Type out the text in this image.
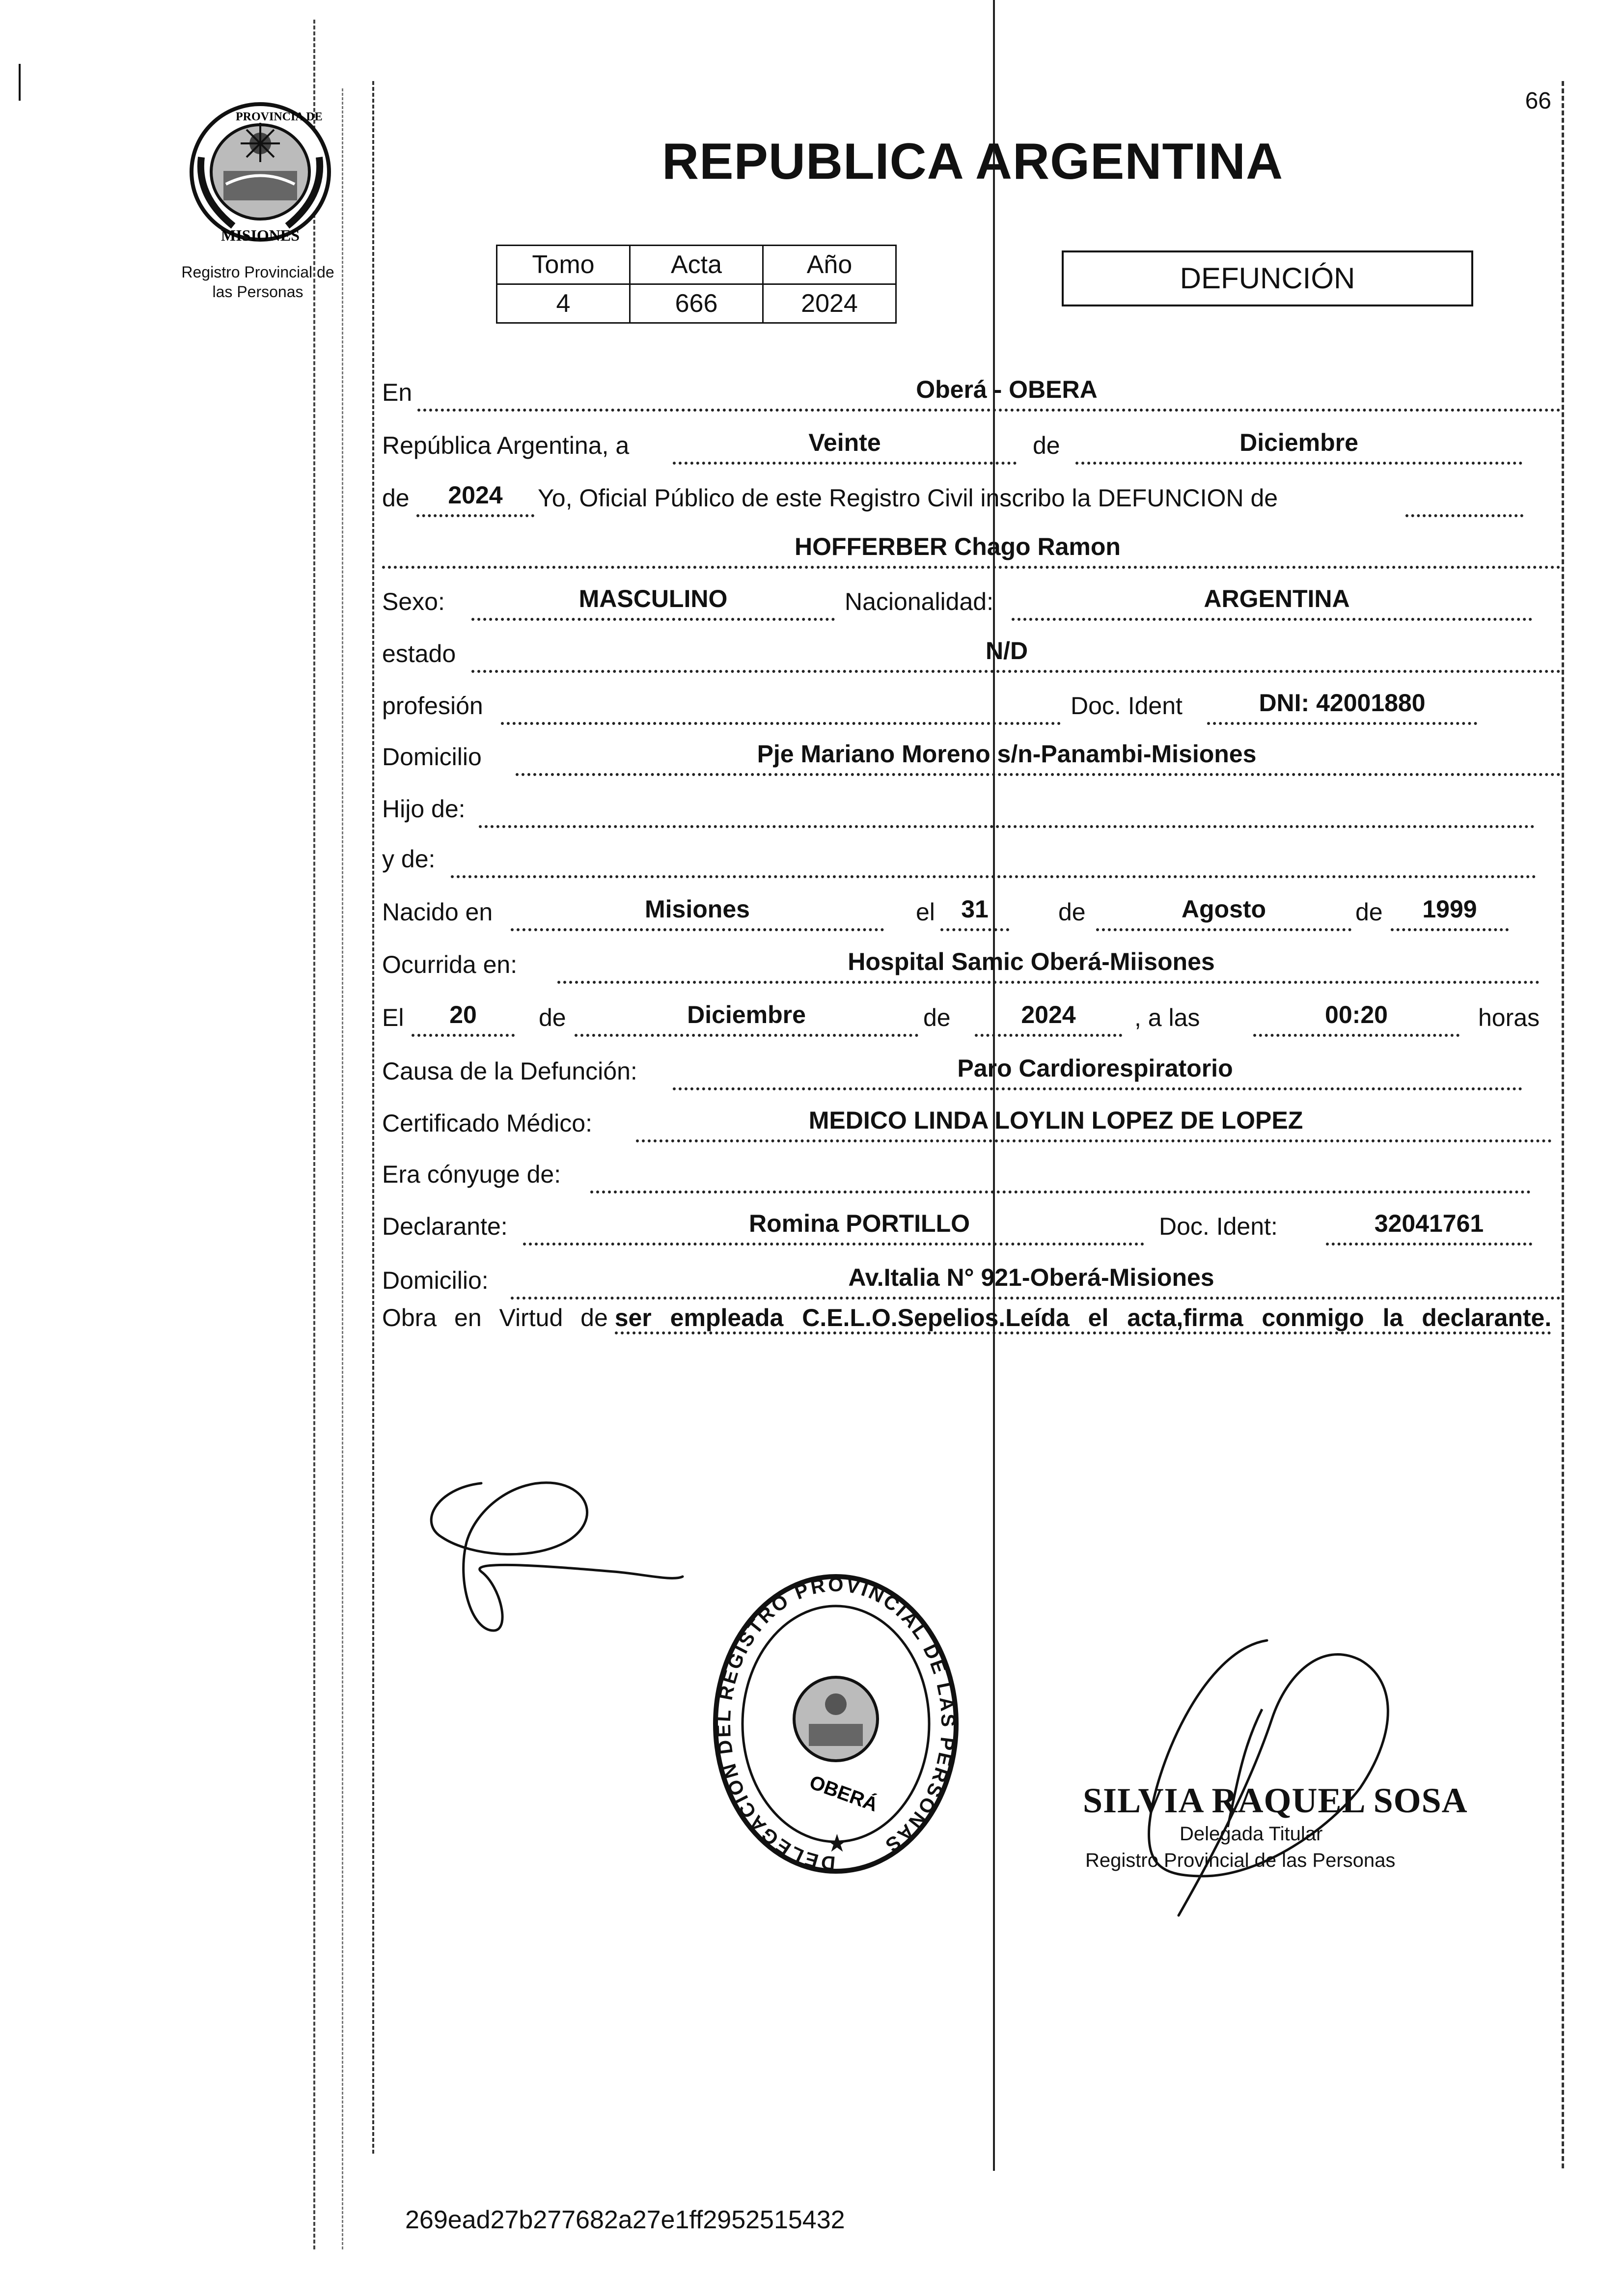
66
PROVINCIA DE
MISIONES
Registro Provincial de
las Personas
REPUBLICA ARGENTINA
Tomo	Acta	Año
4	666	2024
DEFUNCIÓN
En	Oberá - OBERA
República Argentina, a	Veinte	de	Diciembre
de	2024	Yo, Oficial Público de este Registro Civil inscribo la DEFUNCION de
HOFFERBER Chago Ramon
Sexo:	MASCULINO	Nacionalidad:	ARGENTINA
estado	N/D
profesión	Doc. Ident	DNI: 42001880
Domicilio	Pje Mariano Moreno s/n-Panambi-Misiones
Hijo de:
y de:
Nacido en	Misiones	el	31	de	Agosto	de	1999
Ocurrida en:	Hospital Samic Oberá-Miisones
El	20	de	Diciembre	de	2024	, a las	00:20	horas
Causa de la Defunción:	Paro Cardiorespiratorio
Certificado Médico:	MEDICO LINDA LOYLIN LOPEZ DE LOPEZ
Era cónyuge de:
Declarante:	Romina PORTILLO	Doc. Ident:	32041761
Domicilio:	Av.Italia N° 921-Oberá-Misiones
Obra en Virtud de ser empleada C.E.L.O.Sepelios.Leída el acta,firma conmigo la declarante.
DELEGACION DEL REGISTRO PROVINCIAL DE LAS PERSONAS
OBERÁ
★
SILVIA RAQUEL SOSA
Delegada Titular
Registro Provincial de las Personas
269ead27b277682a27e1ff2952515432
